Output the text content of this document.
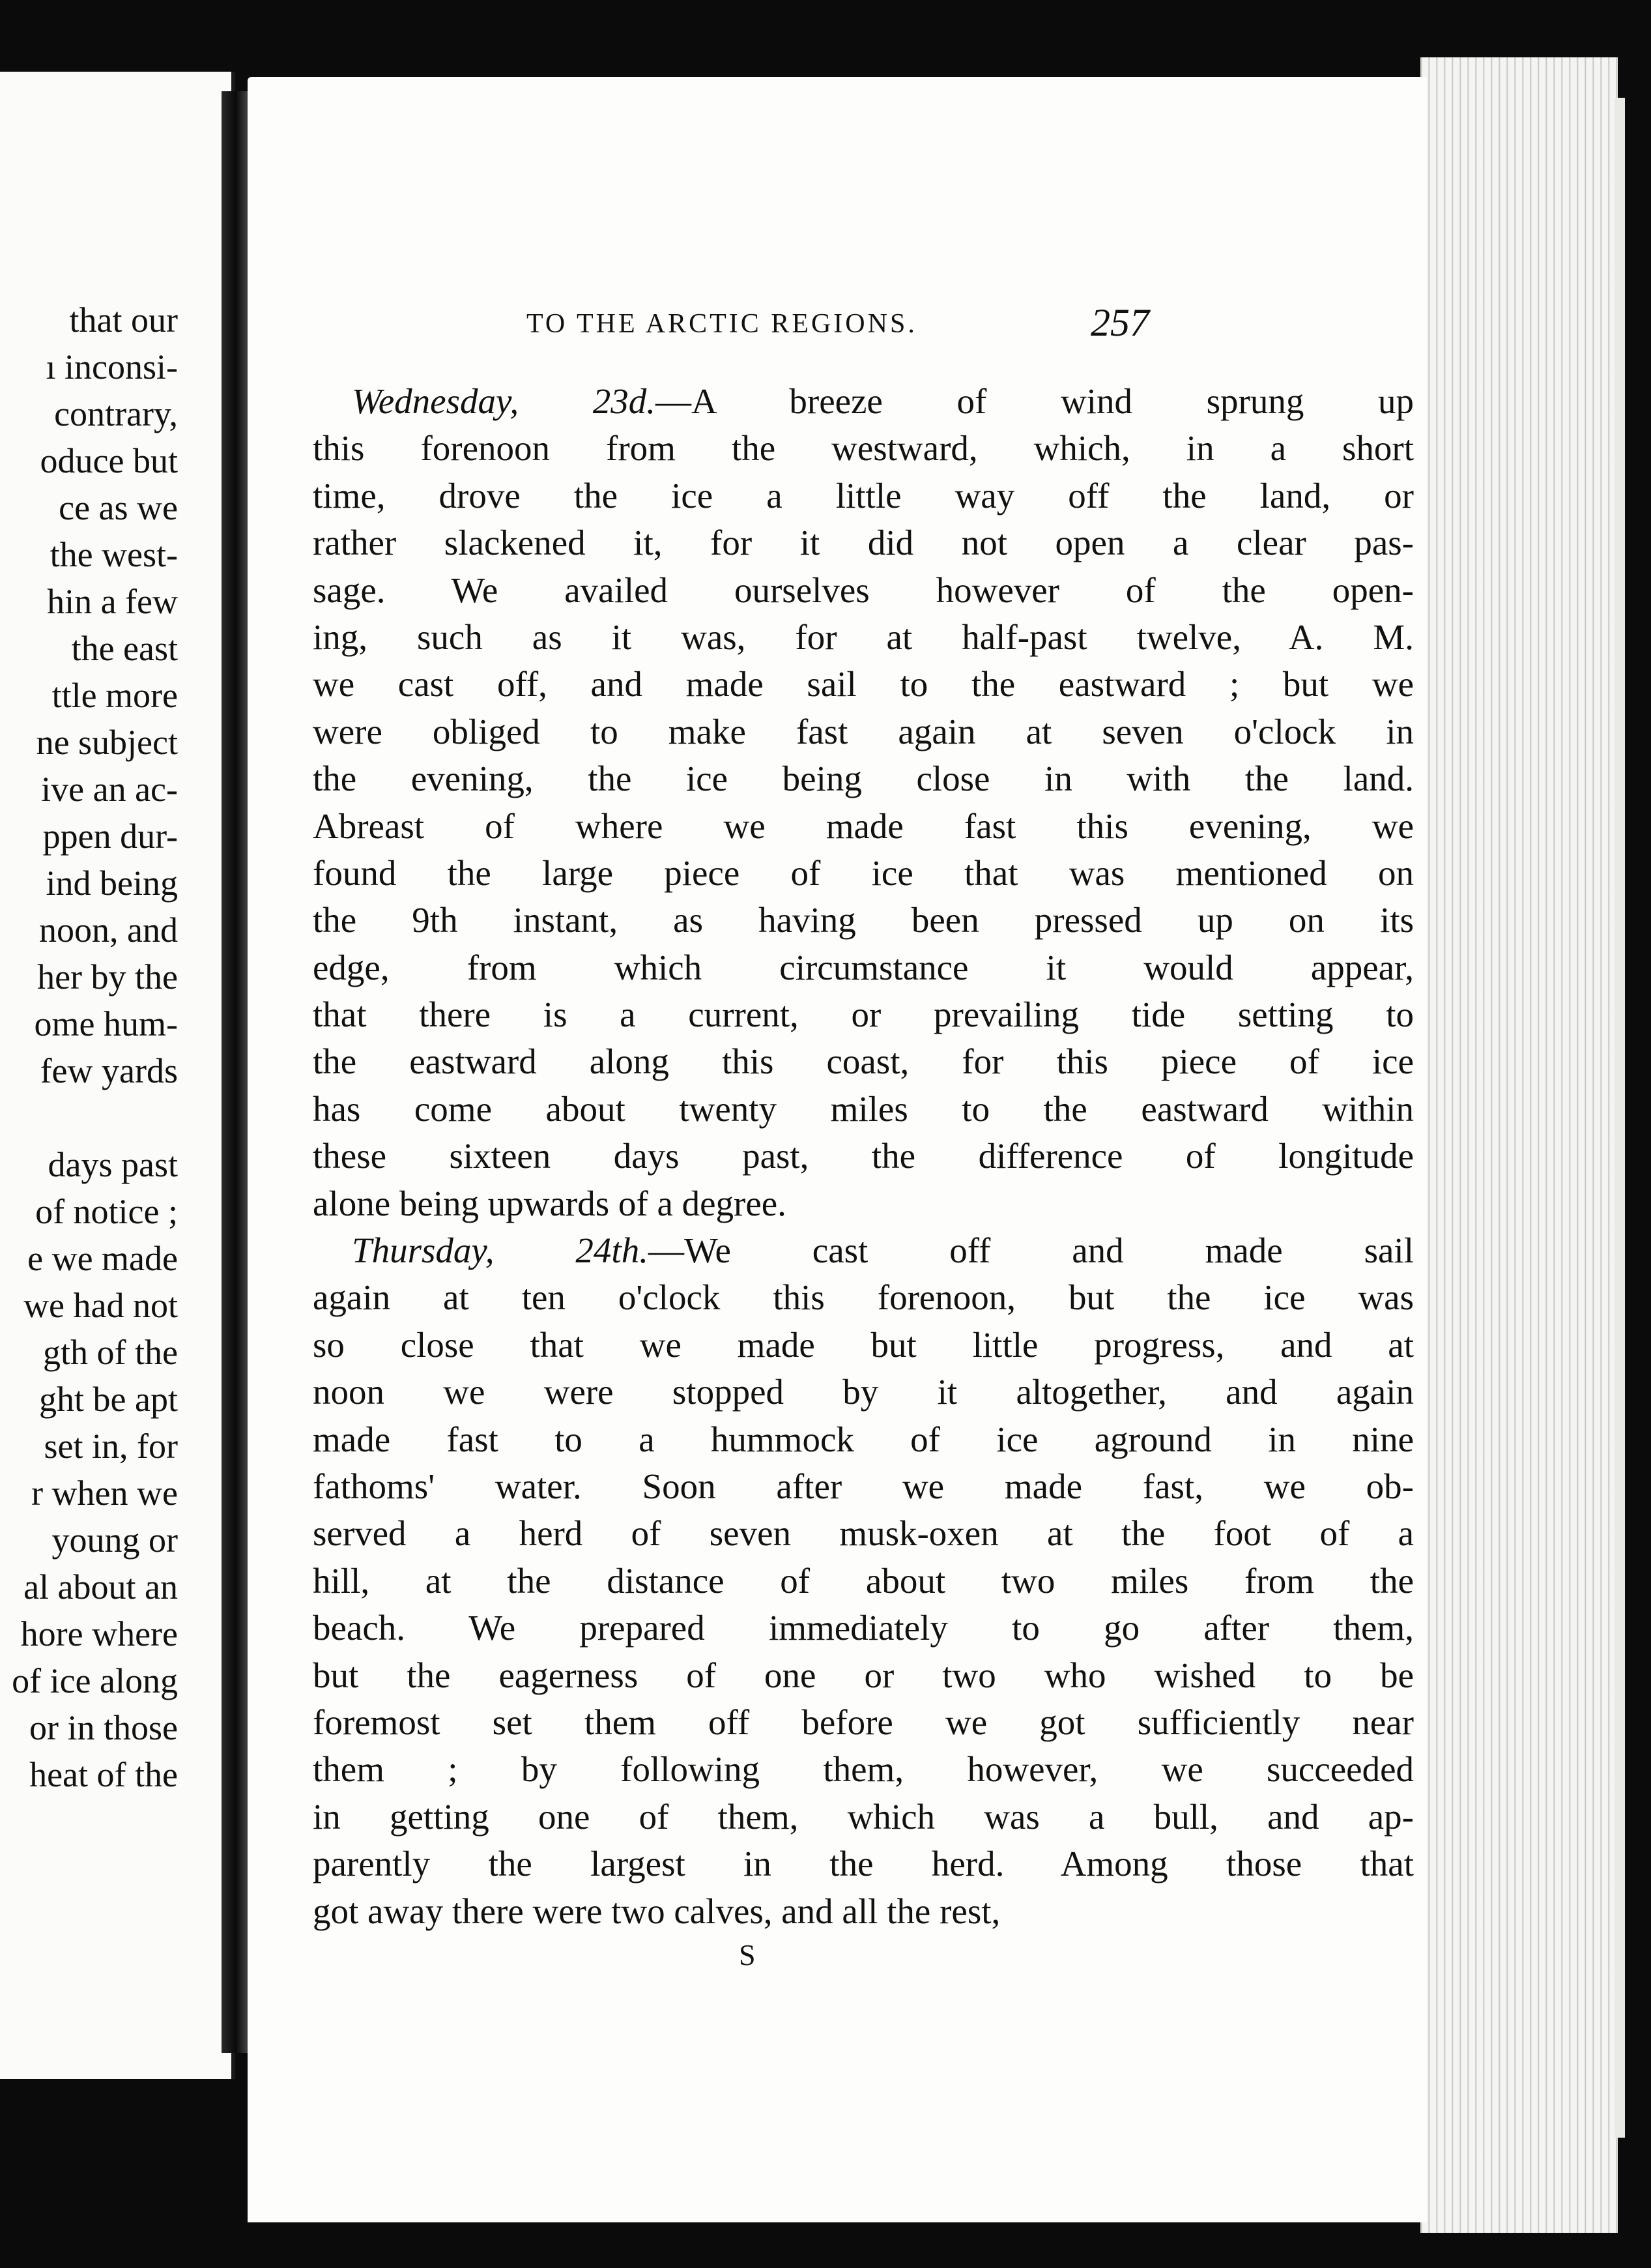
that our
ı inconsi-
contrary,
oduce but
ce as we
the west-
hin a few
the east
ttle more
ne subject
ive an ac-
ppen dur-
ind being
noon, and
her by the
ome hum-
few yards
days past
of notice ;
e we made
we had not
gth of the
ght be apt
set in, for
r when we
young or
al about an
hore where
of ice along
or in those
heat of the
TO THE ARCTIC REGIONS.	257
Wednesday, 23d.—A breeze of wind sprung up
this forenoon from the westward, which, in a short
time, drove the ice a little way off the land, or
rather slackened it, for it did not open a clear pas-
sage. We availed ourselves however of the open-
ing, such as it was, for at half-past twelve, A. M.
we cast off, and made sail to the eastward ; but we
were obliged to make fast again at seven o'clock in
the evening, the ice being close in with the land.
Abreast of where we made fast this evening, we
found the large piece of ice that was mentioned on
the 9th instant, as having been pressed up on its
edge, from which circumstance it would appear,
that there is a current, or prevailing tide setting to
the eastward along this coast, for this piece of ice
has come about twenty miles to the eastward within
these sixteen days past, the difference of longitude
alone being upwards of a degree.
Thursday, 24th.—We cast off and made sail
again at ten o'clock this forenoon, but the ice was
so close that we made but little progress, and at
noon we were stopped by it altogether, and again
made fast to a hummock of ice aground in nine
fathoms' water. Soon after we made fast, we ob-
served a herd of seven musk-oxen at the foot of a
hill, at the distance of about two miles from the
beach. We prepared immediately to go after them,
but the eagerness of one or two who wished to be
foremost set them off before we got sufficiently near
them ; by following them, however, we succeeded
in getting one of them, which was a bull, and ap-
parently the largest in the herd. Among those that
got away there were two calves, and all the rest,
S
